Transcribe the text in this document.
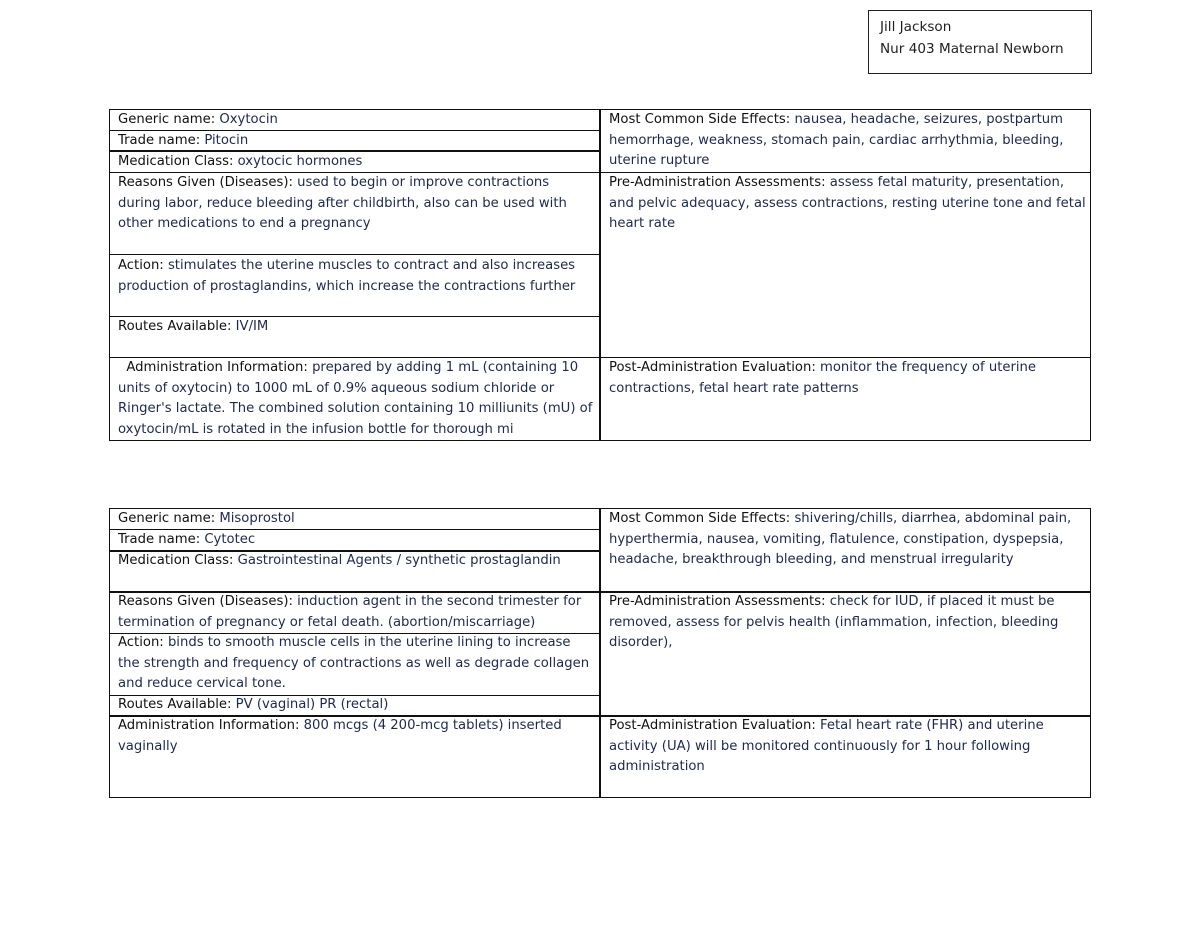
Jill Jackson
Nur 403 Maternal Newborn
Generic name: Oxytocin
Trade name: Pitocin
Medication Class: oxytocic hormones
Reasons Given (Diseases): used to begin or improve contractions during labor, reduce bleeding after childbirth, also can be used with other medications to end a pregnancy
Action: stimulates the uterine muscles to contract and also increases production of prostaglandins, which increase the contractions further
Routes Available: IV/IM
Administration Information: prepared by adding 1 mL (containing 10 units of oxytocin) to 1000 mL of 0.9% aqueous sodium chloride or Ringer's lactate. The combined solution containing 10 milliunits (mU) of oxytocin/mL is rotated in the infusion bottle for thorough mi
Most Common Side Effects: nausea, headache, seizures, postpartum hemorrhage, weakness, stomach pain, cardiac arrhythmia, bleeding, uterine rupture
Pre-Administration Assessments: assess fetal maturity, presentation, and pelvic adequacy, assess contractions, resting uterine tone and fetal heart rate
Post-Administration Evaluation: monitor the frequency of uterine contractions, fetal heart rate patterns
Generic name: Misoprostol
Trade name: Cytotec
Medication Class: Gastrointestinal Agents / synthetic prostaglandin
Reasons Given (Diseases): induction agent in the second trimester for termination of pregnancy or fetal death. (abortion/miscarriage)
Action: binds to smooth muscle cells in the uterine lining to increase the strength and frequency of contractions as well as degrade collagen and reduce cervical tone.
Routes Available: PV (vaginal) PR (rectal)
Administration Information: 800 mcgs (4 200-mcg tablets) inserted vaginally
Most Common Side Effects: shivering/chills, diarrhea, abdominal pain, hyperthermia, nausea, vomiting, flatulence, constipation, dyspepsia, headache, breakthrough bleeding, and menstrual irregularity
Pre-Administration Assessments: check for IUD, if placed it must be removed, assess for pelvis health (inflammation, infection, bleeding disorder),
Post-Administration Evaluation: Fetal heart rate (FHR) and uterine activity (UA) will be monitored continuously for 1 hour following administration
